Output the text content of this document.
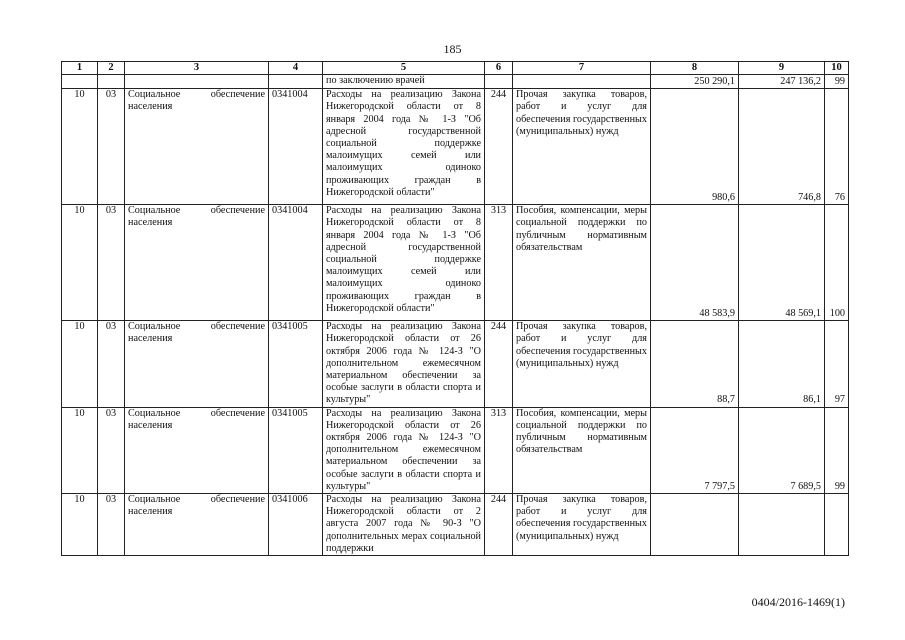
185
1	2	3	4	5	6	7	8	9	10
				по заключению врачей			250 290,1	247 136,2	99
10	03	Социальное обеспечение населения	0341004	Расходы на реализацию Закона Нижегородской области от 8 января 2004 года № 1-З "Об адресной государственной социальной поддержке малоимущих семей или малоимущих одиноко проживающих граждан в Нижегородской области"	244	Прочая закупка товаров, работ и услуг для обеспечения государственных (муниципальных) нужд	980,6	746,8	76
10	03	Социальное обеспечение населения	0341004	Расходы на реализацию Закона Нижегородской области от 8 января 2004 года № 1-З "Об адресной государственной социальной поддержке малоимущих семей или малоимущих одиноко проживающих граждан в Нижегородской области"	313	Пособия, компенсации, меры социальной поддержки по публичным нормативным обязательствам	48 583,9	48 569,1	100
10	03	Социальное обеспечение населения	0341005	Расходы на реализацию Закона Нижегородской области от 26 октября 2006 года № 124-З "О дополнительном ежемесячном материальном обеспечении за особые заслуги в области спорта и культуры"	244	Прочая закупка товаров, работ и услуг для обеспечения государственных (муниципальных) нужд	88,7	86,1	97
10	03	Социальное обеспечение населения	0341005	Расходы на реализацию Закона Нижегородской области от 26 октября 2006 года № 124-З "О дополнительном ежемесячном материальном обеспечении за особые заслуги в области спорта и культуры"	313	Пособия, компенсации, меры социальной поддержки по публичным нормативным обязательствам	7 797,5	7 689,5	99
10	03	Социальное обеспечение населения	0341006	Расходы на реализацию Закона Нижегородской области от 2 августа 2007 года № 90-З "О дополнительных мерах социальной поддержки	244	Прочая закупка товаров, работ и услуг для обеспечения государственных (муниципальных) нужд			
0404/2016-1469(1)
